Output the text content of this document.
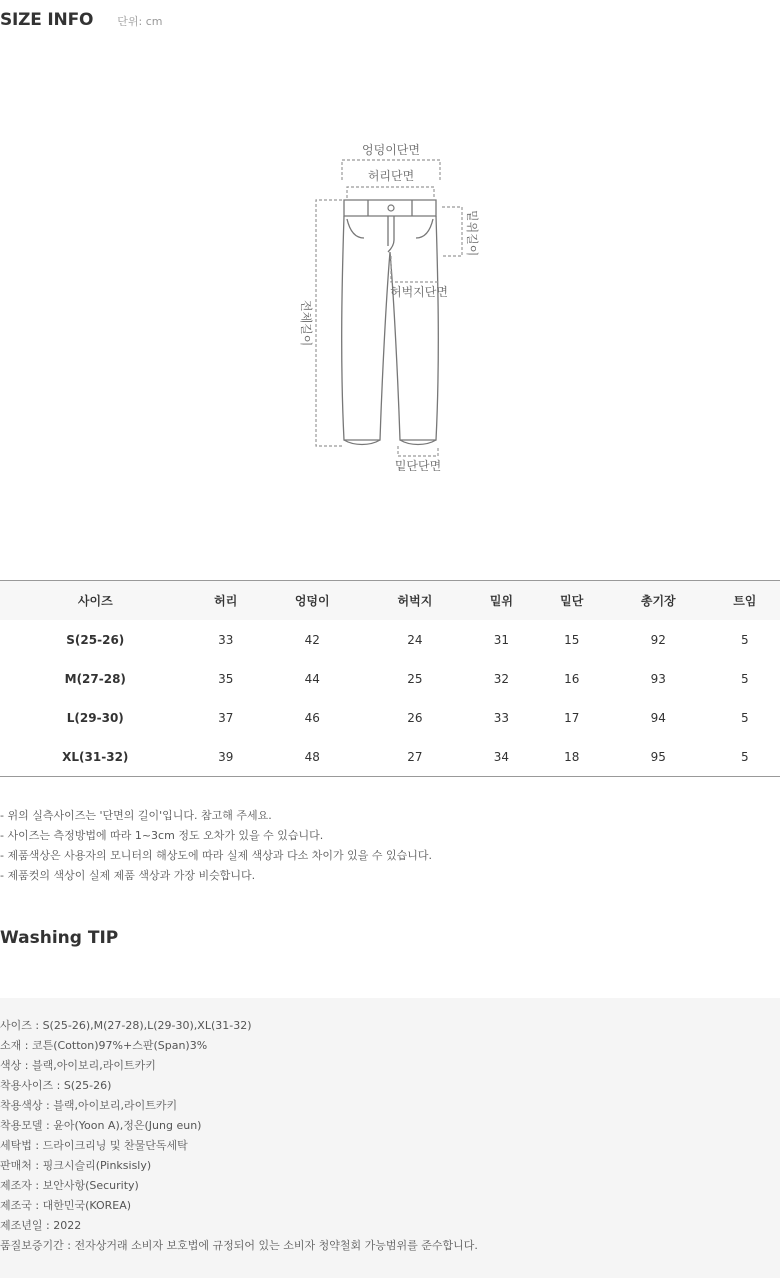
SIZE INFO 단위: cm
엉덩이단면
허리단면
밑위길이
허벅지단면
전체길이
밑단단면
사이즈	허리	엉덩이	허벅지	밑위	밑단	총기장	트임
S(25-26)	33	42	24	31	15	92	5
M(27-28)	35	44	25	32	16	93	5
L(29-30)	37	46	26	33	17	94	5
XL(31-32)	39	48	27	34	18	95	5
- 위의 실측사이즈는 '단면의 길이'입니다. 참고해 주세요.
- 사이즈는 측정방법에 따라 1~3cm 정도 오차가 있을 수 있습니다.
- 제품색상은 사용자의 모니터의 해상도에 따라 실제 색상과 다소 차이가 있을 수 있습니다.
- 제품컷의 색상이 실제 제품 색상과 가장 비슷합니다.
Washing TIP
사이즈 : S(25-26),M(27-28),L(29-30),XL(31-32)
소재 : 코튼(Cotton)97%+스판(Span)3%
색상 : 블랙,아이보리,라이트카키
착용사이즈 : S(25-26)
착용색상 : 블랙,아이보리,라이트카키
착용모델 : 윤아(Yoon A),정은(Jung eun)
세탁법 : 드라이크리닝 및 찬물단독세탁
판매처 : 핑크시슬리(Pinksisly)
제조자 : 보안사항(Security)
제조국 : 대한민국(KOREA)
제조년일 : 2022
품질보증기간 : 전자상거래 소비자 보호법에 규정되어 있는 소비자 청약철회 가능범위를 준수합니다.
